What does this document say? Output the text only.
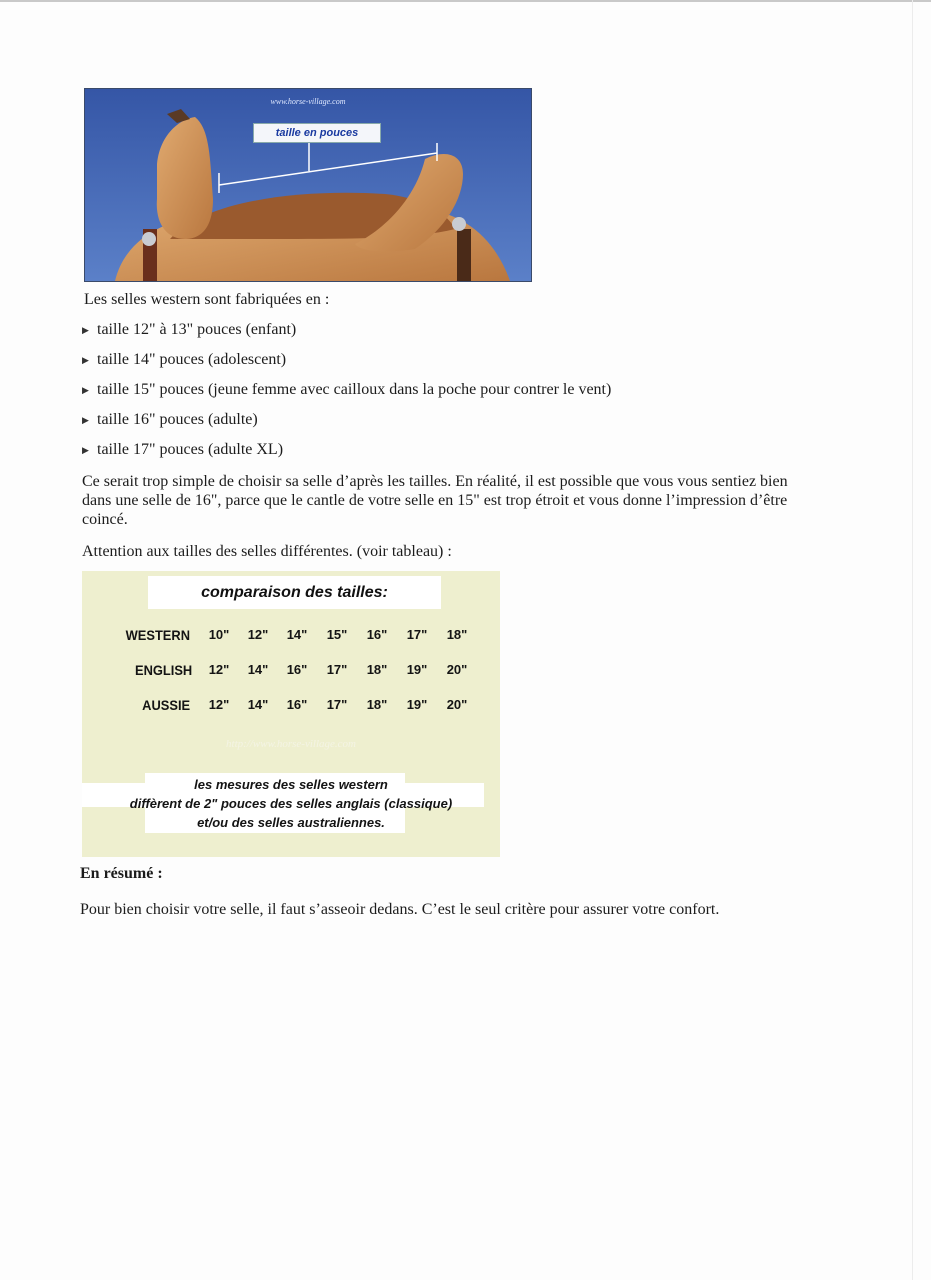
www.horse-village.com
taille en pouces
Les selles western sont fabriquées en :
▶ taille 12" à 13" pouces (enfant)
▶ taille 14" pouces (adolescent)
▶ taille 15" pouces (jeune femme avec cailloux dans la poche pour contrer le vent)
▶ taille 16" pouces (adulte)
▶ taille 17" pouces (adulte XL)
Ce serait trop simple de choisir sa selle d’après les tailles. En réalité, il est possible que vous vous sentiez bien dans une selle de 16", parce que le cantle de votre selle en 15" est trop étroit et vous donne l’impression d’être coincé.
Attention aux tailles des selles différentes. (voir tableau) :
comparaison des tailles:
WESTERN	10"	12"	14"	15"	16"	17"	18"
ENGLISH	12"	14"	16"	17"	18"	19"	20"
AUSSIE	12"	14"	16"	17"	18"	19"	20"
http://www.horse-village.com
les mesures des selles western
diffèrent de 2" pouces des selles anglais (classique)
et/ou des selles australiennes.
En résumé :
Pour bien choisir votre selle, il faut s’asseoir dedans. C’est le seul critère pour assurer votre confort.
